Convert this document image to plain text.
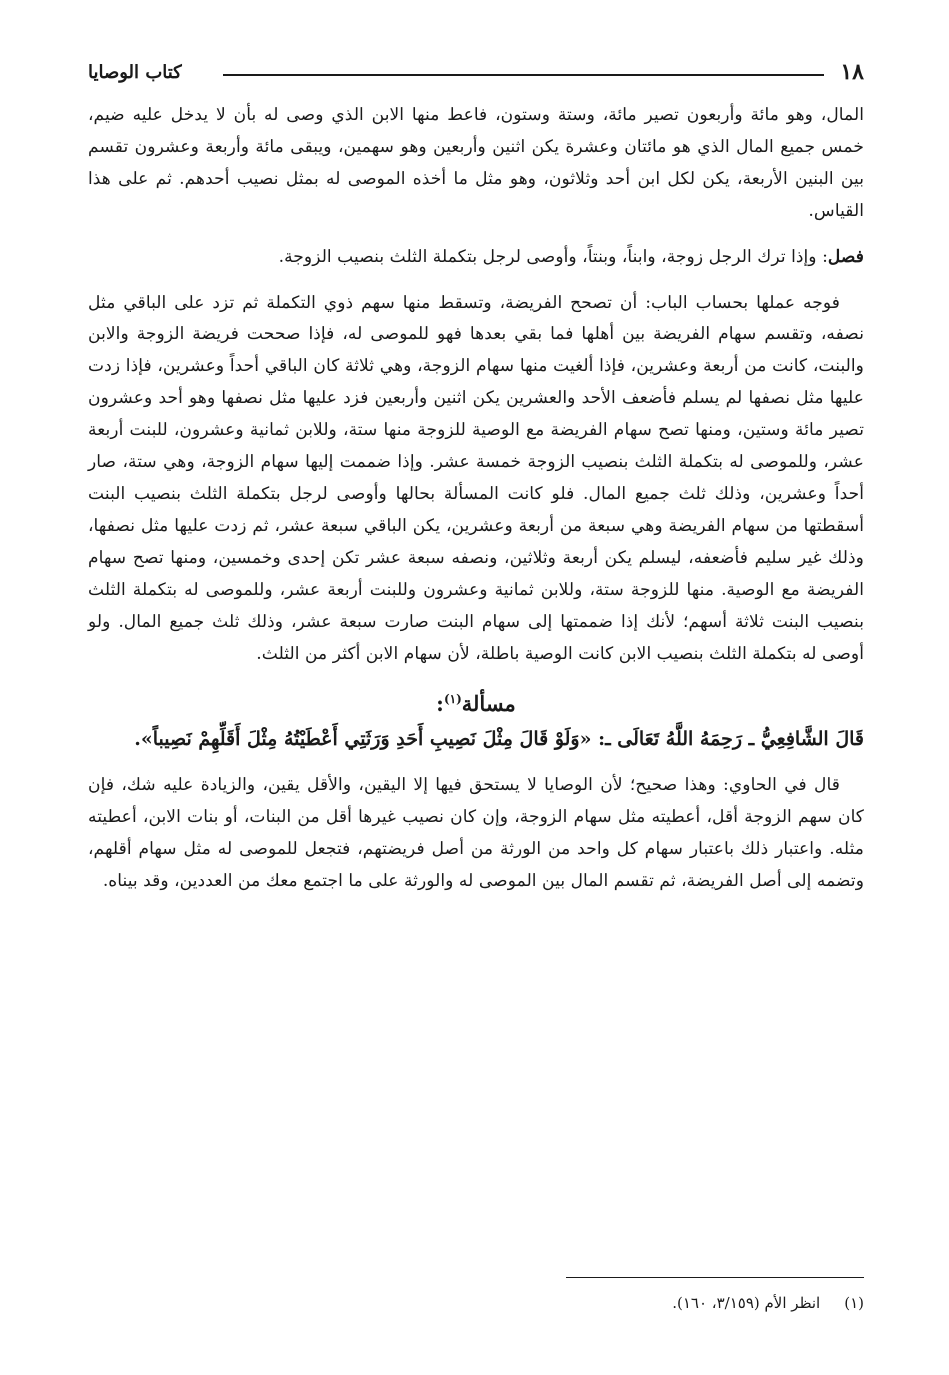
١٨
كتاب الوصايا

المال، وهو مائة وأربعون تصير مائة، وستة وستون، فاعط منها الابن الذي وصى له بأن لا يدخل عليه ضيم، خمس جميع المال الذي هو مائتان وعشرة يكن اثنين وأربعين وهو سهمين، ويبقى مائة وأربعة وعشرون تقسم بين البنين الأربعة، يكن لكل ابن أحد وثلاثون، وهو مثل ما أخذه الموصى له بمثل نصيب أحدهم. ثم على هذا القياس.

فصل: وإذا ترك الرجل زوجة، وابناً، وبنتاً، وأوصى لرجل بتكملة الثلث بنصيب الزوجة.

فوجه عملها بحساب الباب: أن تصحح الفريضة، وتسقط منها سهم ذوي التكملة ثم تزد على الباقي مثل نصفه، وتقسم سهام الفريضة بين أهلها فما بقي بعدها فهو للموصى له، فإذا صححت فريضة الزوجة والابن والبنت، كانت من أربعة وعشرين، فإذا ألغيت منها سهام الزوجة، وهي ثلاثة كان الباقي أحداً وعشرين، فإذا زدت عليها مثل نصفها لم يسلم فأضعف الأحد والعشرين يكن اثنين وأربعين فزد عليها مثل نصفها وهو أحد وعشرون تصير مائة وستين، ومنها تصح سهام الفريضة مع الوصية للزوجة منها ستة، وللابن ثمانية وعشرون، للبنت أربعة عشر، وللموصى له بتكملة الثلث بنصيب الزوجة خمسة عشر. وإذا ضممت إليها سهام الزوجة، وهي ستة، صار أحداً وعشرين، وذلك ثلث جميع المال. فلو كانت المسألة بحالها وأوصى لرجل بتكملة الثلث بنصيب البنت أسقطتها من سهام الفريضة وهي سبعة من أربعة وعشرين، يكن الباقي سبعة عشر، ثم زدت عليها مثل نصفها، وذلك غير سليم فأضعفه، ليسلم يكن أربعة وثلاثين، ونصفه سبعة عشر تكن إحدى وخمسين، ومنها تصح سهام الفريضة مع الوصية. منها للزوجة ستة، وللابن ثمانية وعشرون وللبنت أربعة عشر، وللموصى له بتكملة الثلث بنصيب البنت ثلاثة أسهم؛ لأنك إذا ضممتها إلى سهام البنت صارت سبعة عشر، وذلك ثلث جميع المال. ولو أوصى له بتكملة الثلث بنصيب الابن كانت الوصية باطلة، لأن سهام الابن أكثر من الثلث.

مسألة$^{(١)}$:

قَالَ الشَّافِعِيُّ ـ رَحِمَهُ اللَّهُ تَعَالَى ـ: «وَلَوْ قَالَ مِثْلَ نَصِيبِ أَحَدِ وَرَثَتِي أَعْطَيْتُهُ مِثْلَ أَقَلِّهِمْ نَصِيباً».

قال في الحاوي: وهذا صحيح؛ لأن الوصايا لا يستحق فيها إلا اليقين، والأقل يقين، والزيادة عليه شك، فإن كان سهم الزوجة أقل، أعطيته مثل سهام الزوجة، وإن كان نصيب غيرها أقل من البنات، أو بنات الابن، أعطيته مثله. واعتبار ذلك باعتبار سهام كل واحد من الورثة من أصل فريضتهم، فتجعل للموصى له مثل سهام أقلهم، وتضمه إلى أصل الفريضة، ثم تقسم المال بين الموصى له والورثة على ما اجتمع معك من العددين، وقد بيناه.

(١)
انظر الأم (٣/١٥٩، ١٦٠).
